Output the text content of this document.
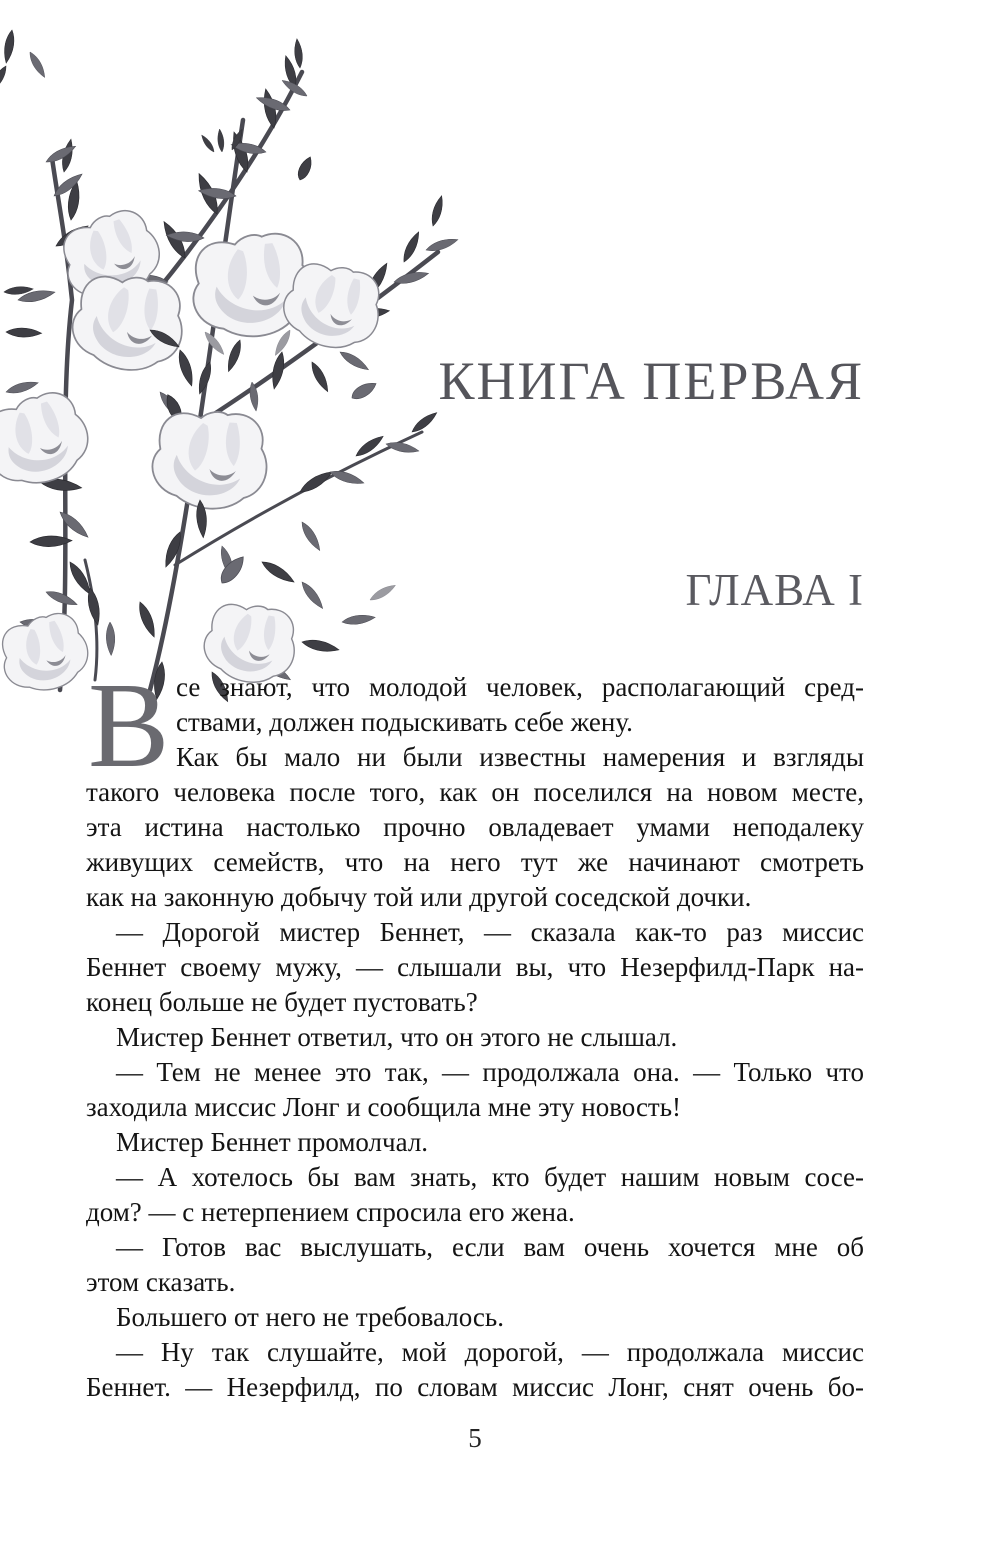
КНИГА ПЕРВАЯ
ГЛАВА I
В се знают, что молодой человек, располагающий сред-
ствами, должен подыскивать себе жену.
Как бы мало ни были известны намерения и взгляды
такого человека после того, как он поселился на новом месте,
эта истина настолько прочно овладевает умами неподалеку
живущих семейств, что на него тут же начинают смотреть
как на законную добычу той или другой соседской дочки.
— Дорогой мистер Беннет, — сказала как-то раз миссис
Беннет своему мужу, — слышали вы, что Незерфилд-Парк на-
конец больше не будет пустовать?
Мистер Беннет ответил, что он этого не слышал.
— Тем не менее это так, — продолжала она. — Только что
заходила миссис Лонг и сообщила мне эту новость!
Мистер Беннет промолчал.
— А хотелось бы вам знать, кто будет нашим новым сосе-
дом? — с нетерпением спросила его жена.
— Готов вас выслушать, если вам очень хочется мне об
этом сказать.
Большего от него не требовалось.
— Ну так слушайте, мой дорогой, — продолжала миссис
Беннет. — Незерфилд, по словам миссис Лонг, снят очень бо-
5
